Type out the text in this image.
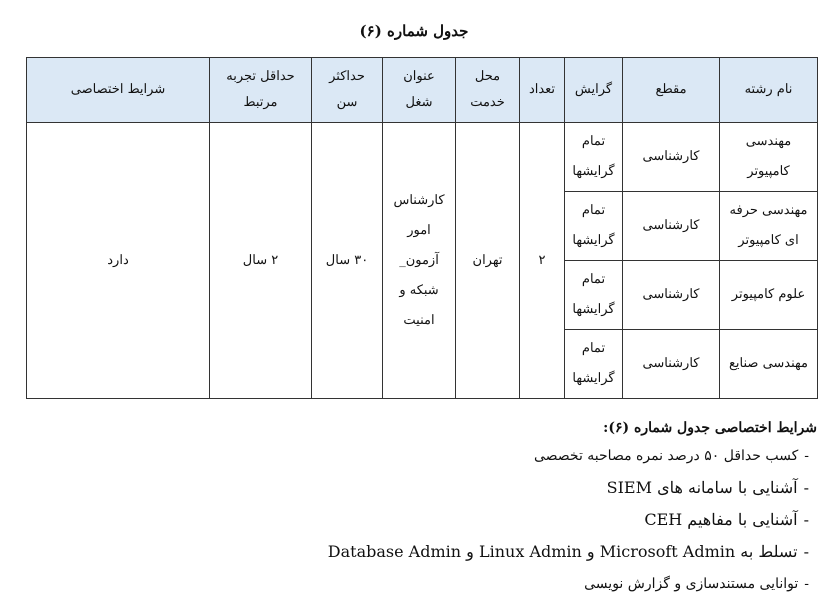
جدول شماره (۶)
نام رشته	مقطع	گرایش	تعداد	محل خدمت	عنوان شغل	حداکثر سن	حداقل تجربه مرتبط	شرایط اختصاصی
مهندسی کامپیوتر	کارشناسی	تمام گرایشها	۲	تهران	کارشناس امور آزمون_ شبکه و امنیت	۳۰ سال	۲ سال	دارد
مهندسی حرفه ای کامپیوتر	کارشناسی	تمام گرایشها						
علوم کامپیوتر	کارشناسی	تمام گرایشها						
مهندسی صنایع	کارشناسی	تمام گرایشها						
شرایط اختصاصی جدول شماره (۶):
-کسب حداقل ۵۰ درصد نمره مصاحبه تخصصی
-آشنایی با سامانه های SIEM
-آشنایی با مفاهیم CEH
-تسلط به Microsoft Admin و Linux Admin و Database Admin
-توانایی مستندسازی و گزارش نویسی
